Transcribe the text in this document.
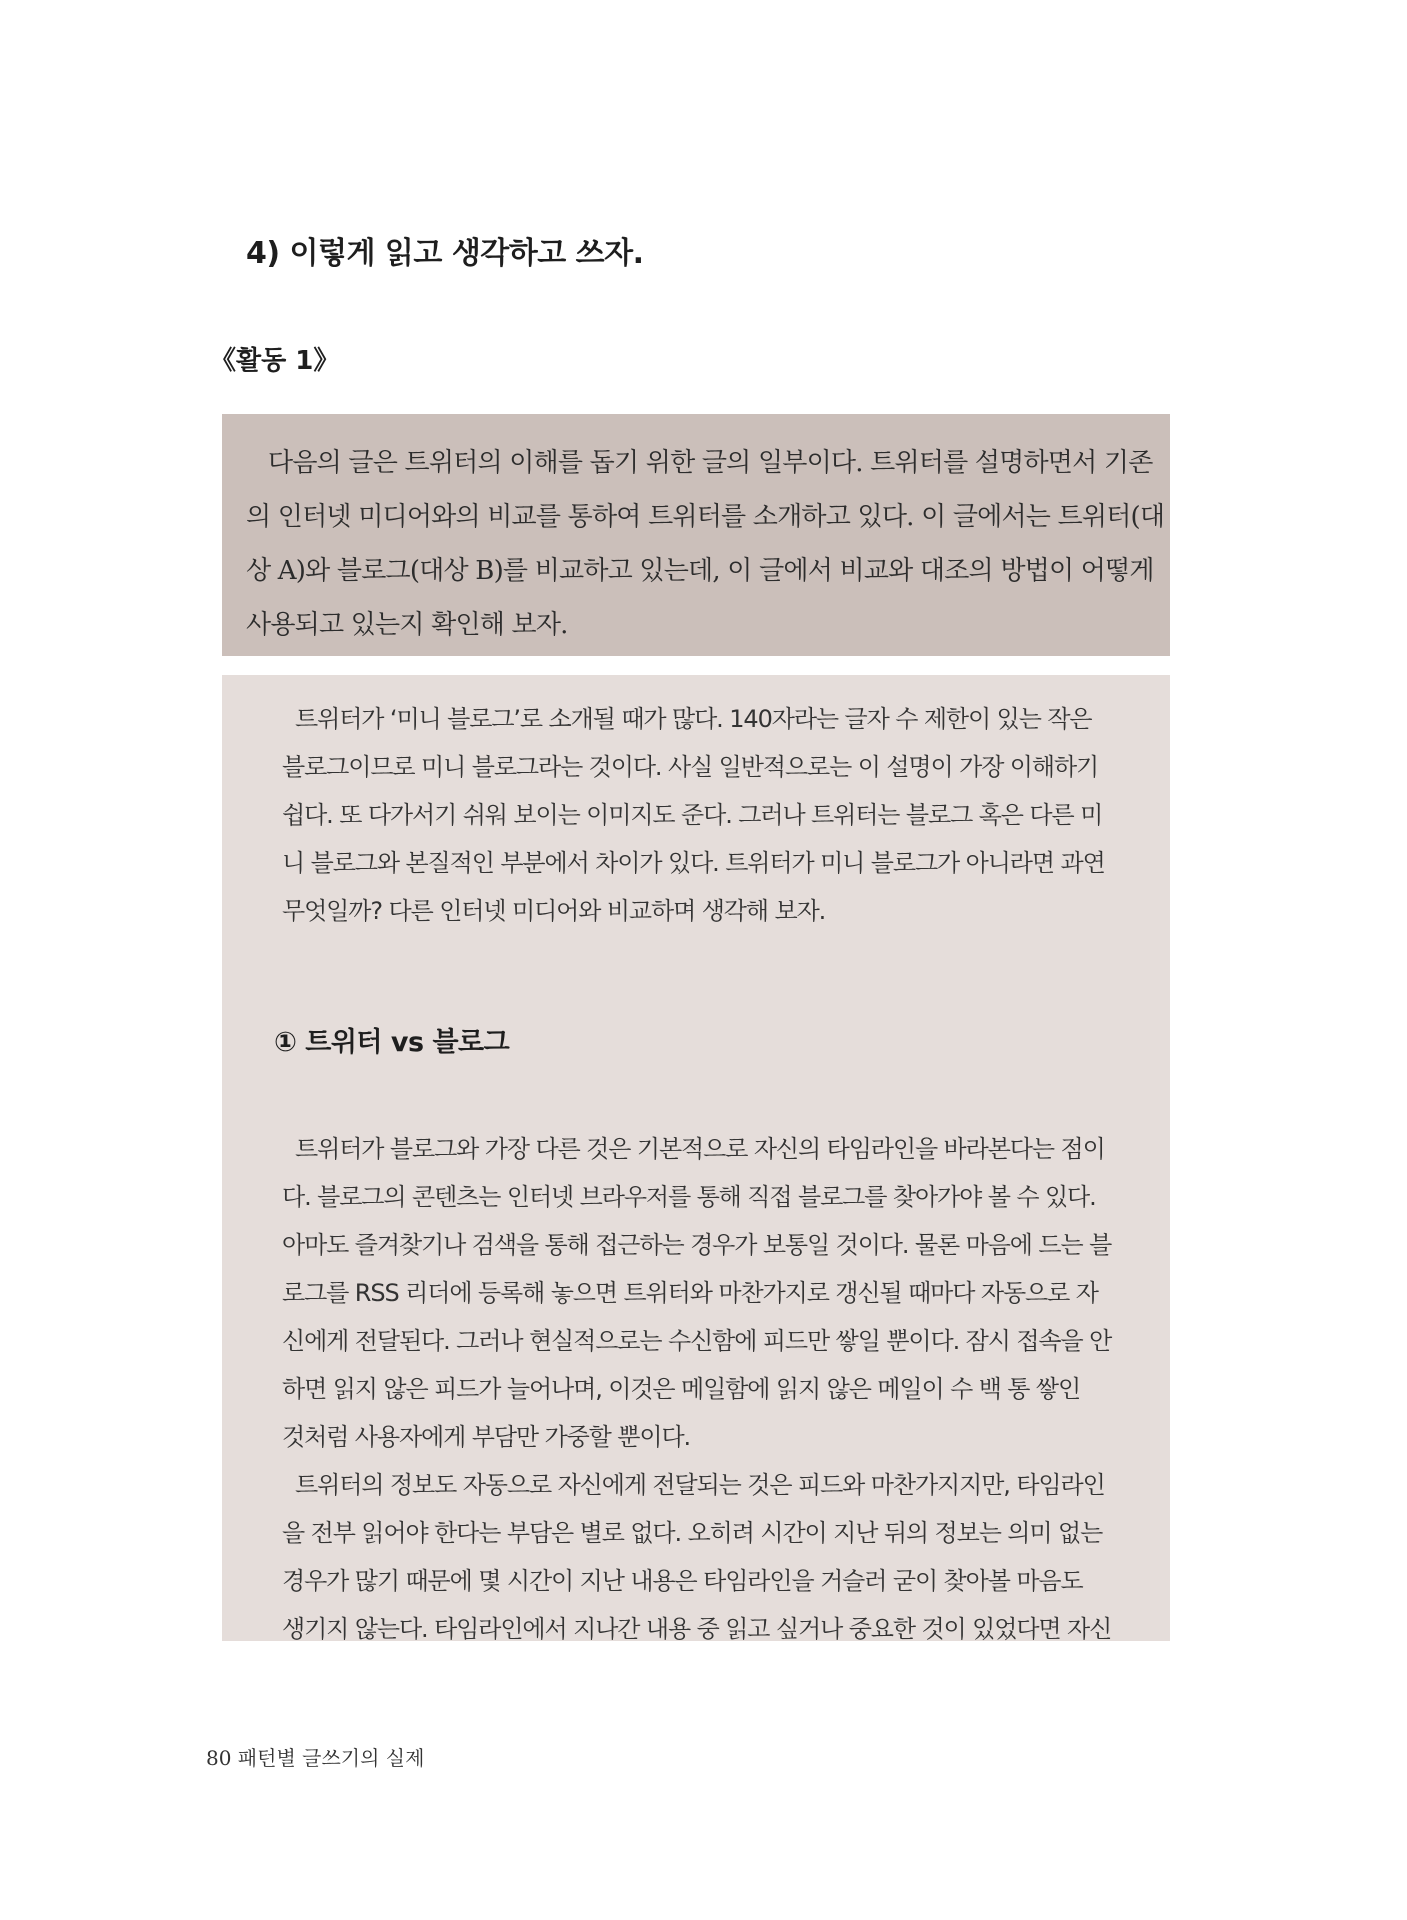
4) 이렇게 읽고 생각하고 쓰자.
《활동 1》
다음의 글은 트위터의 이해를 돕기 위한 글의 일부이다. 트위터를 설명하면서 기존
의 인터넷 미디어와의 비교를 통하여 트위터를 소개하고 있다. 이 글에서는 트위터(대
상 A)와 블로그(대상 B)를 비교하고 있는데, 이 글에서 비교와 대조의 방법이 어떻게
사용되고 있는지 확인해 보자.
트위터가 ‘미니 블로그’로 소개될 때가 많다. 140자라는 글자 수 제한이 있는 작은
블로그이므로 미니 블로그라는 것이다. 사실 일반적으로는 이 설명이 가장 이해하기
쉽다. 또 다가서기 쉬워 보이는 이미지도 준다. 그러나 트위터는 블로그 혹은 다른 미
니 블로그와 본질적인 부분에서 차이가 있다. 트위터가 미니 블로그가 아니라면 과연
무엇일까? 다른 인터넷 미디어와 비교하며 생각해 보자.
① 트위터 vs 블로그
트위터가 블로그와 가장 다른 것은 기본적으로 자신의 타임라인을 바라본다는 점이
다. 블로그의 콘텐츠는 인터넷 브라우저를 통해 직접 블로그를 찾아가야 볼 수 있다.
아마도 즐겨찾기나 검색을 통해 접근하는 경우가 보통일 것이다. 물론 마음에 드는 블
로그를 RSS 리더에 등록해 놓으면 트위터와 마찬가지로 갱신될 때마다 자동으로 자
신에게 전달된다. 그러나 현실적으로는 수신함에 피드만 쌓일 뿐이다. 잠시 접속을 안
하면 읽지 않은 피드가 늘어나며, 이것은 메일함에 읽지 않은 메일이 수 백 통 쌓인
것처럼 사용자에게 부담만 가중할 뿐이다.
트위터의 정보도 자동으로 자신에게 전달되는 것은 피드와 마찬가지지만, 타임라인
을 전부 읽어야 한다는 부담은 별로 없다. 오히려 시간이 지난 뒤의 정보는 의미 없는
경우가 많기 때문에 몇 시간이 지난 내용은 타임라인을 거슬러 굳이 찾아볼 마음도
생기지 않는다. 타임라인에서 지나간 내용 중 읽고 싶거나 중요한 것이 있었다면 자신
80 패턴별 글쓰기의 실제
